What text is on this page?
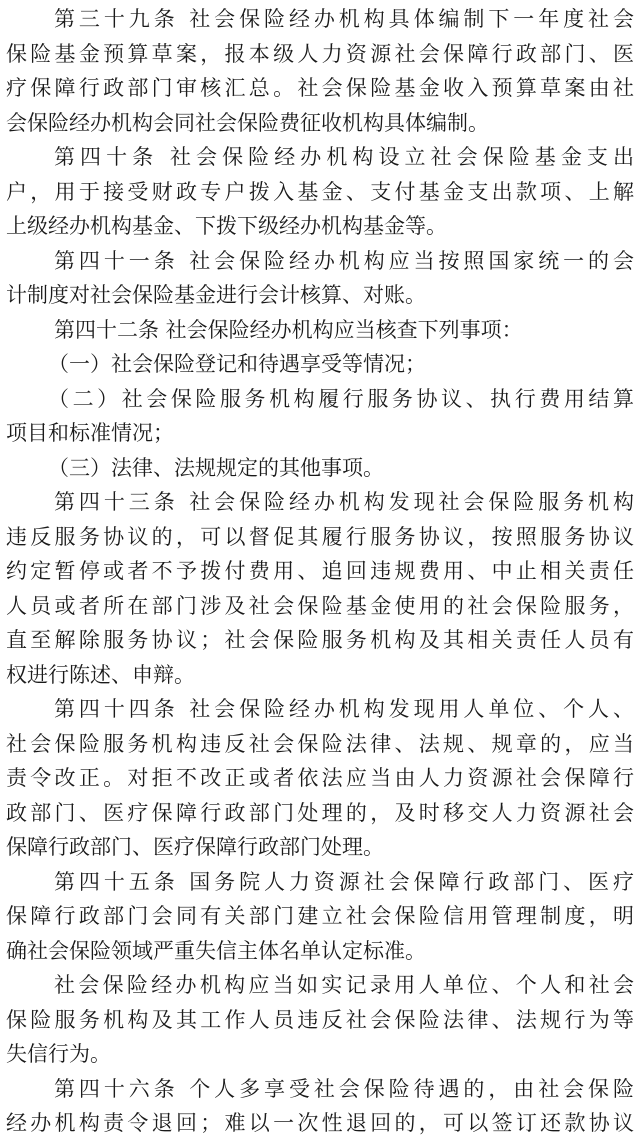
第三十九条 社会保险经办机构具体编制下一年度社会
保险基金预算草案，报本级人力资源社会保障行政部门、医
疗保障行政部门审核汇总。社会保险基金收入预算草案由社
会保险经办机构会同社会保险费征收机构具体编制。
第四十条 社会保险经办机构设立社会保险基金支出
户，用于接受财政专户拨入基金、支付基金支出款项、上解
上级经办机构基金、下拨下级经办机构基金等。
第四十一条 社会保险经办机构应当按照国家统一的会
计制度对社会保险基金进行会计核算、对账。
第四十二条 社会保险经办机构应当核查下列事项：
（一）社会保险登记和待遇享受等情况；
（二）社会保险服务机构履行服务协议、执行费用结算
项目和标准情况；
（三）法律、法规规定的其他事项。
第四十三条 社会保险经办机构发现社会保险服务机构
违反服务协议的，可以督促其履行服务协议，按照服务协议
约定暂停或者不予拨付费用、追回违规费用、中止相关责任
人员或者所在部门涉及社会保险基金使用的社会保险服务，
直至解除服务协议；社会保险服务机构及其相关责任人员有
权进行陈述、申辩。
第四十四条 社会保险经办机构发现用人单位、个人、
社会保险服务机构违反社会保险法律、法规、规章的，应当
责令改正。对拒不改正或者依法应当由人力资源社会保障行
政部门、医疗保障行政部门处理的，及时移交人力资源社会
保障行政部门、医疗保障行政部门处理。
第四十五条 国务院人力资源社会保障行政部门、医疗
保障行政部门会同有关部门建立社会保险信用管理制度，明
确社会保险领域严重失信主体名单认定标准。
社会保险经办机构应当如实记录用人单位、个人和社会
保险服务机构及其工作人员违反社会保险法律、法规行为等
失信行为。
第四十六条 个人多享受社会保险待遇的，由社会保险
经办机构责令退回；难以一次性退回的，可以签订还款协议
